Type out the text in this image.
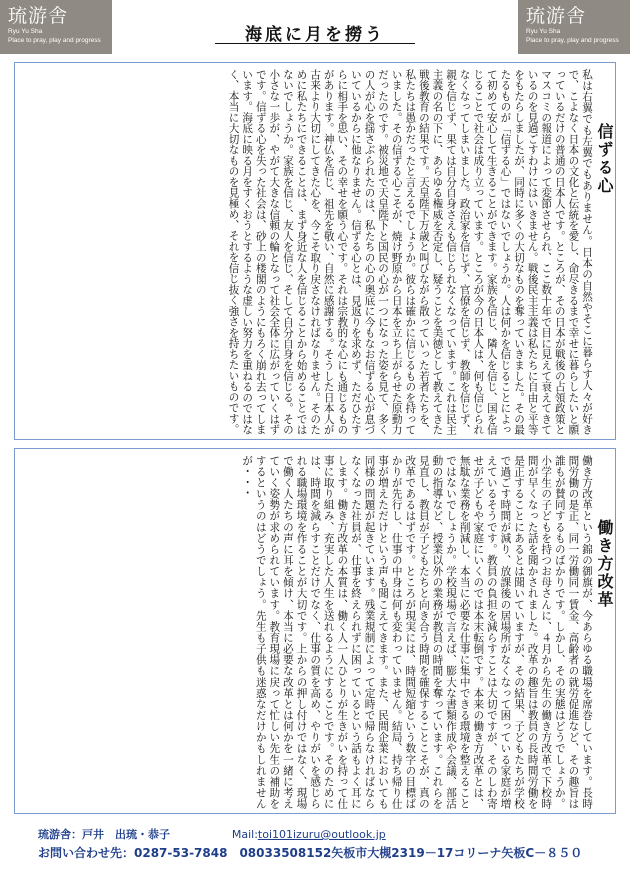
琉游舎
Ryu Yu Sha
Place to pray, play and progress
琉游舎
Ryu Yu Sha
Place to pray, play and progress
海底に月を撈う
私は右翼でも左翼でもありません。日本の自然やそこに暮らす人々が好きで、こよなく日本の文化と伝統を愛し、命尽きるまで幸せに暮らしたいと願っているだけの普通の日本人です。ところが、その日本が戦後の占領政策とマスコミの報道によって変節させられ、ここ数十年で目に見えて衰えてきているのを見過ごすわけにはいきません。戦後民主主義は私たちに自由と平等をもたらしましたが、同時に多くの大切なものを奪っていきました。その最たるものが「信ずる心」ではないでしょうか。人は何かを信じることによって初めて安心して生きることができます。家族を信じ、隣人を信じ、国を信じることで社会は成り立っています。ところが今の日本人は、何も信じられなくなってしまいました。政治家を信じず、官僚を信じず、教師を信じず、親を信じず、果ては自分自身さえも信じられなくなっています。これは民主主義の名の下に、あらゆる権威を否定し、疑うことを美徳として教えてきた戦後教育の結果です。天皇陛下万歳と叫びながら散っていった若者たちを、私たちは愚かだったと言えるでしょうか。彼らは確かに信じるものを持っていました。その信ずる心こそが、焼け野原から日本を立ち上がらせた原動力だったのです。被災地で天皇陛下と国民の心が一つになった姿を見て、多くの人が心を揺さぶられたのは、私たちの心の奥底に今もなお信ずる心が息づいているからに他なりません。信ずる心とは、見返りを求めず、ただひたすらに相手を思い、その幸せを願う心です。それは宗教的な心にも通じるものがあります。神仏を信じ、祖先を敬い、自然に感謝する。そうした日本人が古来より大切にしてきた心を、今こそ取り戻さなければなりません。そのために私たちにできることは、まず身近な人を信じることから始めることではないでしょうか。家族を信じ、友人を信じ、そして自分自身を信じる。その小さな一歩が、やがて大きな信頼の輪となって社会全体に広がっていくはずです。信ずる心を失った社会は、砂上の楼閣のようにもろく崩れ去ってしまいます。海底に映る月をすくおうとするような虚しい努力を重ねるのではなく、本当に大切なものを見極め、それを信じ抜く強さを持ちたいものです。	信ずる心
働き方改革という錦の御旗が、今あらゆる職場を席巻しています。長時間労働の是正、同一労働同一賃金、高齢者の就労促進など、その趣旨は誰もが賛同するものばかりです。しかし、その実態はどうでしょうか。小学生の子どもを持つお母さんに、４月から先生の働き方改革で下校時間が早くなった話を聞かされました。改革の趣旨は教員の長時間労働を是正することにあるとは聞いていますが、その結果、子どもたちが学校で過ごす時間が減り、放課後の居場所がなくなって困っている家庭が増えているそうです。教員の負担を減らすことは大切ですが、そのしわ寄せが子どもや家庭にいくのでは本末転倒です。本来の働き方改革とは、無駄な業務を削減し、本当に必要な仕事に集中できる環境を整えることではないでしょうか。学校現場で言えば、膨大な書類作成や会議、部活動の指導など、授業以外の業務が教員の時間を奪っています。これらを見直し、教員が子どもたちと向き合う時間を確保することこそが、真の改革であるはずです。ところが現実には、時間短縮という数字の目標ばかりが先行し、仕事の中身は何も変わっていません。結局、持ち帰り仕事が増えただけという声も聞こえてきます。また、民間企業においても同様の問題が起きています。残業規制によって定時で帰らなければならなくなった社員が、仕事を終えられずに困っているという話もよく耳にします。働き方改革の本質は、働く人一人ひとりが生きがいを持って仕事に取り組み、充実した人生を送れるようにすることです。そのためには、時間を減らすことだけでなく、仕事の質を高め、やりがいを感じられる職場環境を作ることが大切です。上からの押し付けではなく、現場で働く人たちの声に耳を傾け、本当に必要な改革とは何かを一緒に考えていく姿勢が求められています。教育現場に戻って忙しい先生の補助をするというのはどうでしょう。先生も子供も迷惑なだけかもしれませんが・・・
働き方改革
琉游舎：戸井　出琉・恭子	Mail:toi101izuru@outlook.jp
お問い合わせ先：0287-53-7848　08033508152矢板市大槻2319－17コリーナ矢板C－８５０
